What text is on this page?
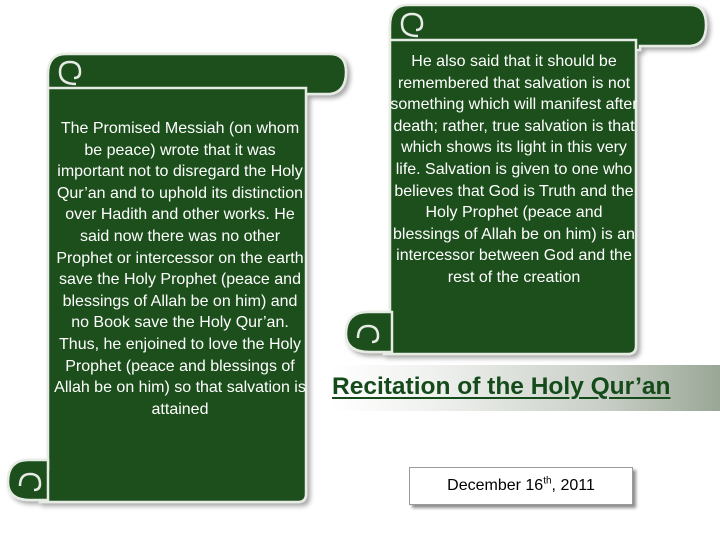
The Promised Messiah (on whom be peace) wrote that it was important not to disregard the Holy Qur’an and to uphold its distinction over Hadith and other works. He said now there was no other Prophet or intercessor on the earth save the Holy Prophet (peace and blessings of Allah be on him) and no Book save the Holy Qur’an. Thus, he enjoined to love the Holy Prophet (peace and blessings of Allah be on him) so that salvation is attained

He also said that it should be remembered that salvation is not something which will manifest after death; rather, true salvation is that which shows its light in this very life. Salvation is given to one who believes that God is Truth and the Holy Prophet (peace and blessings of Allah be on him) is an intercessor between God and the rest of the creation

Recitation of the Holy Qur’an

December 16th, 2011
